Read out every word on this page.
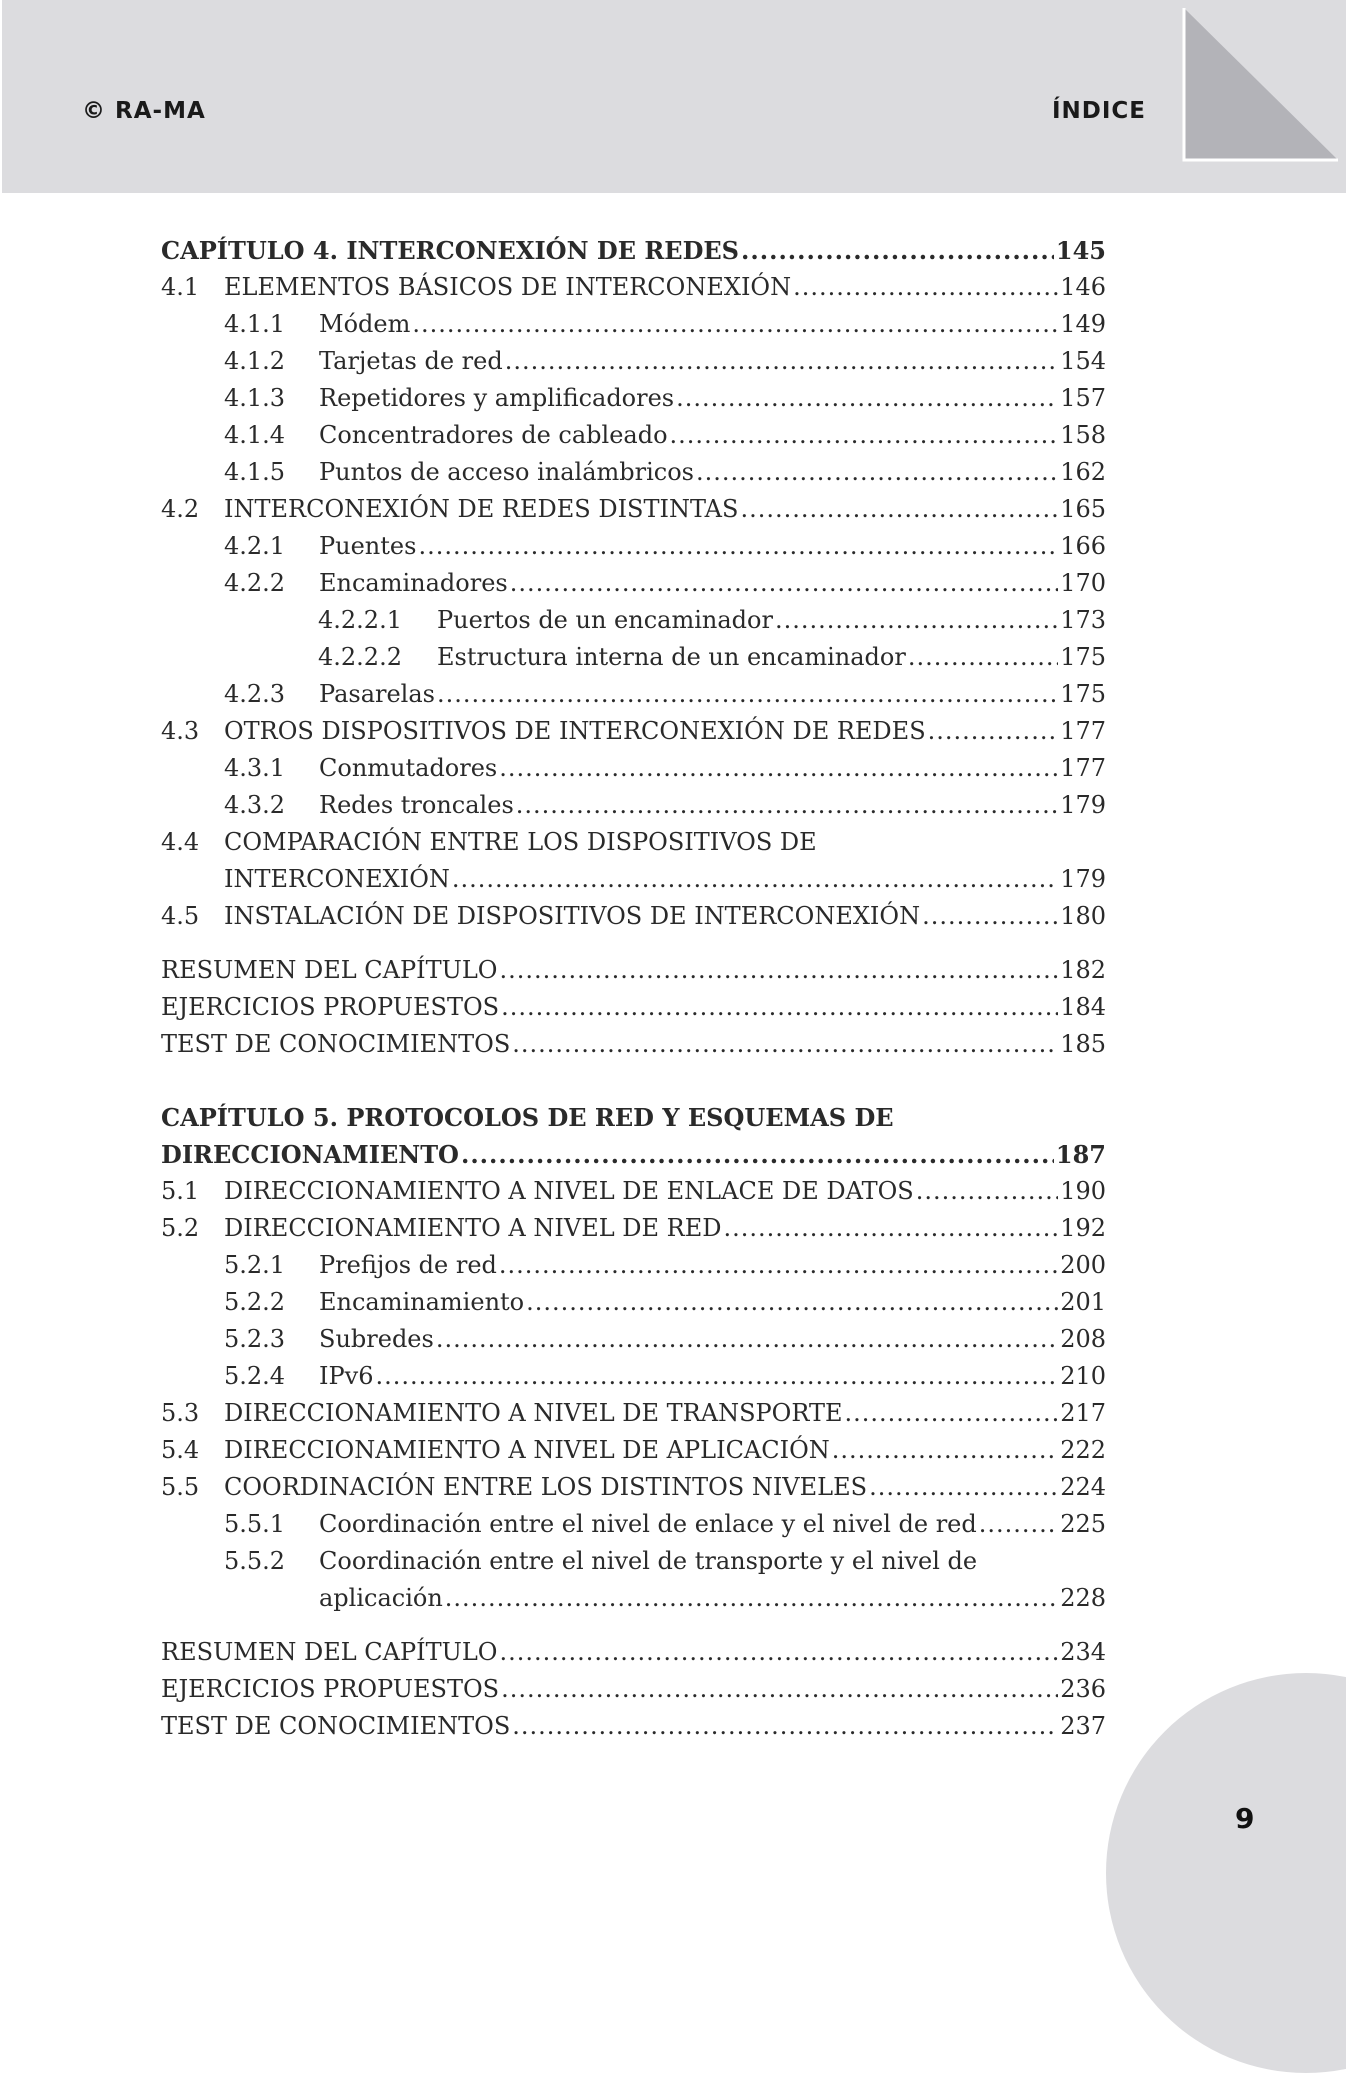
© RA-MA	ÍNDICE
9
CAPÍTULO 4. INTERCONEXIÓN DE REDES .....	145
4.1	ELEMENTOS BÁSICOS DE INTERCONEXIÓN .....	146
4.1.1	Módem .....	149
4.1.2	Tarjetas de red .....	154
4.1.3	Repetidores y amplificadores .....	157
4.1.4	Concentradores de cableado .....	158
4.1.5	Puntos de acceso inalámbricos .....	162
4.2	INTERCONEXIÓN DE REDES DISTINTAS .....	165
4.2.1	Puentes .....	166
4.2.2	Encaminadores .....	170
4.2.2.1	Puertos de un encaminador .....	173
4.2.2.2	Estructura interna de un encaminador .....	175
4.2.3	Pasarelas .....	175
4.3	OTROS DISPOSITIVOS DE INTERCONEXIÓN DE REDES .....	177
4.3.1	Conmutadores .....	177
4.3.2	Redes troncales .....	179
4.4 COMPARACIÓN ENTRE LOS DISPOSITIVOS DE
INTERCONEXIÓN .....	179
4.5	INSTALACIÓN DE DISPOSITIVOS DE INTERCONEXIÓN .....	180
RESUMEN DEL CAPÍTULO .....	182
EJERCICIOS PROPUESTOS .....	184
TEST DE CONOCIMIENTOS .....	185
CAPÍTULO 5. PROTOCOLOS DE RED Y ESQUEMAS DE
DIRECCIONAMIENTO .....	187
5.1	DIRECCIONAMIENTO A NIVEL DE ENLACE DE DATOS .....	190
5.2	DIRECCIONAMIENTO A NIVEL DE RED .....	192
5.2.1	Prefijos de red .....	200
5.2.2	Encaminamiento .....	201
5.2.3	Subredes .....	208
5.2.4	IPv6 .....	210
5.3	DIRECCIONAMIENTO A NIVEL DE TRANSPORTE .....	217
5.4	DIRECCIONAMIENTO A NIVEL DE APLICACIÓN .....	222
5.5	COORDINACIÓN ENTRE LOS DISTINTOS NIVELES .....	224
5.5.1	Coordinación entre el nivel de enlace y el nivel de red .....	225
5.5.2 Coordinación entre el nivel de transporte y el nivel de
aplicación .....	228
RESUMEN DEL CAPÍTULO .....	234
EJERCICIOS PROPUESTOS .....	236
TEST DE CONOCIMIENTOS .....	237
